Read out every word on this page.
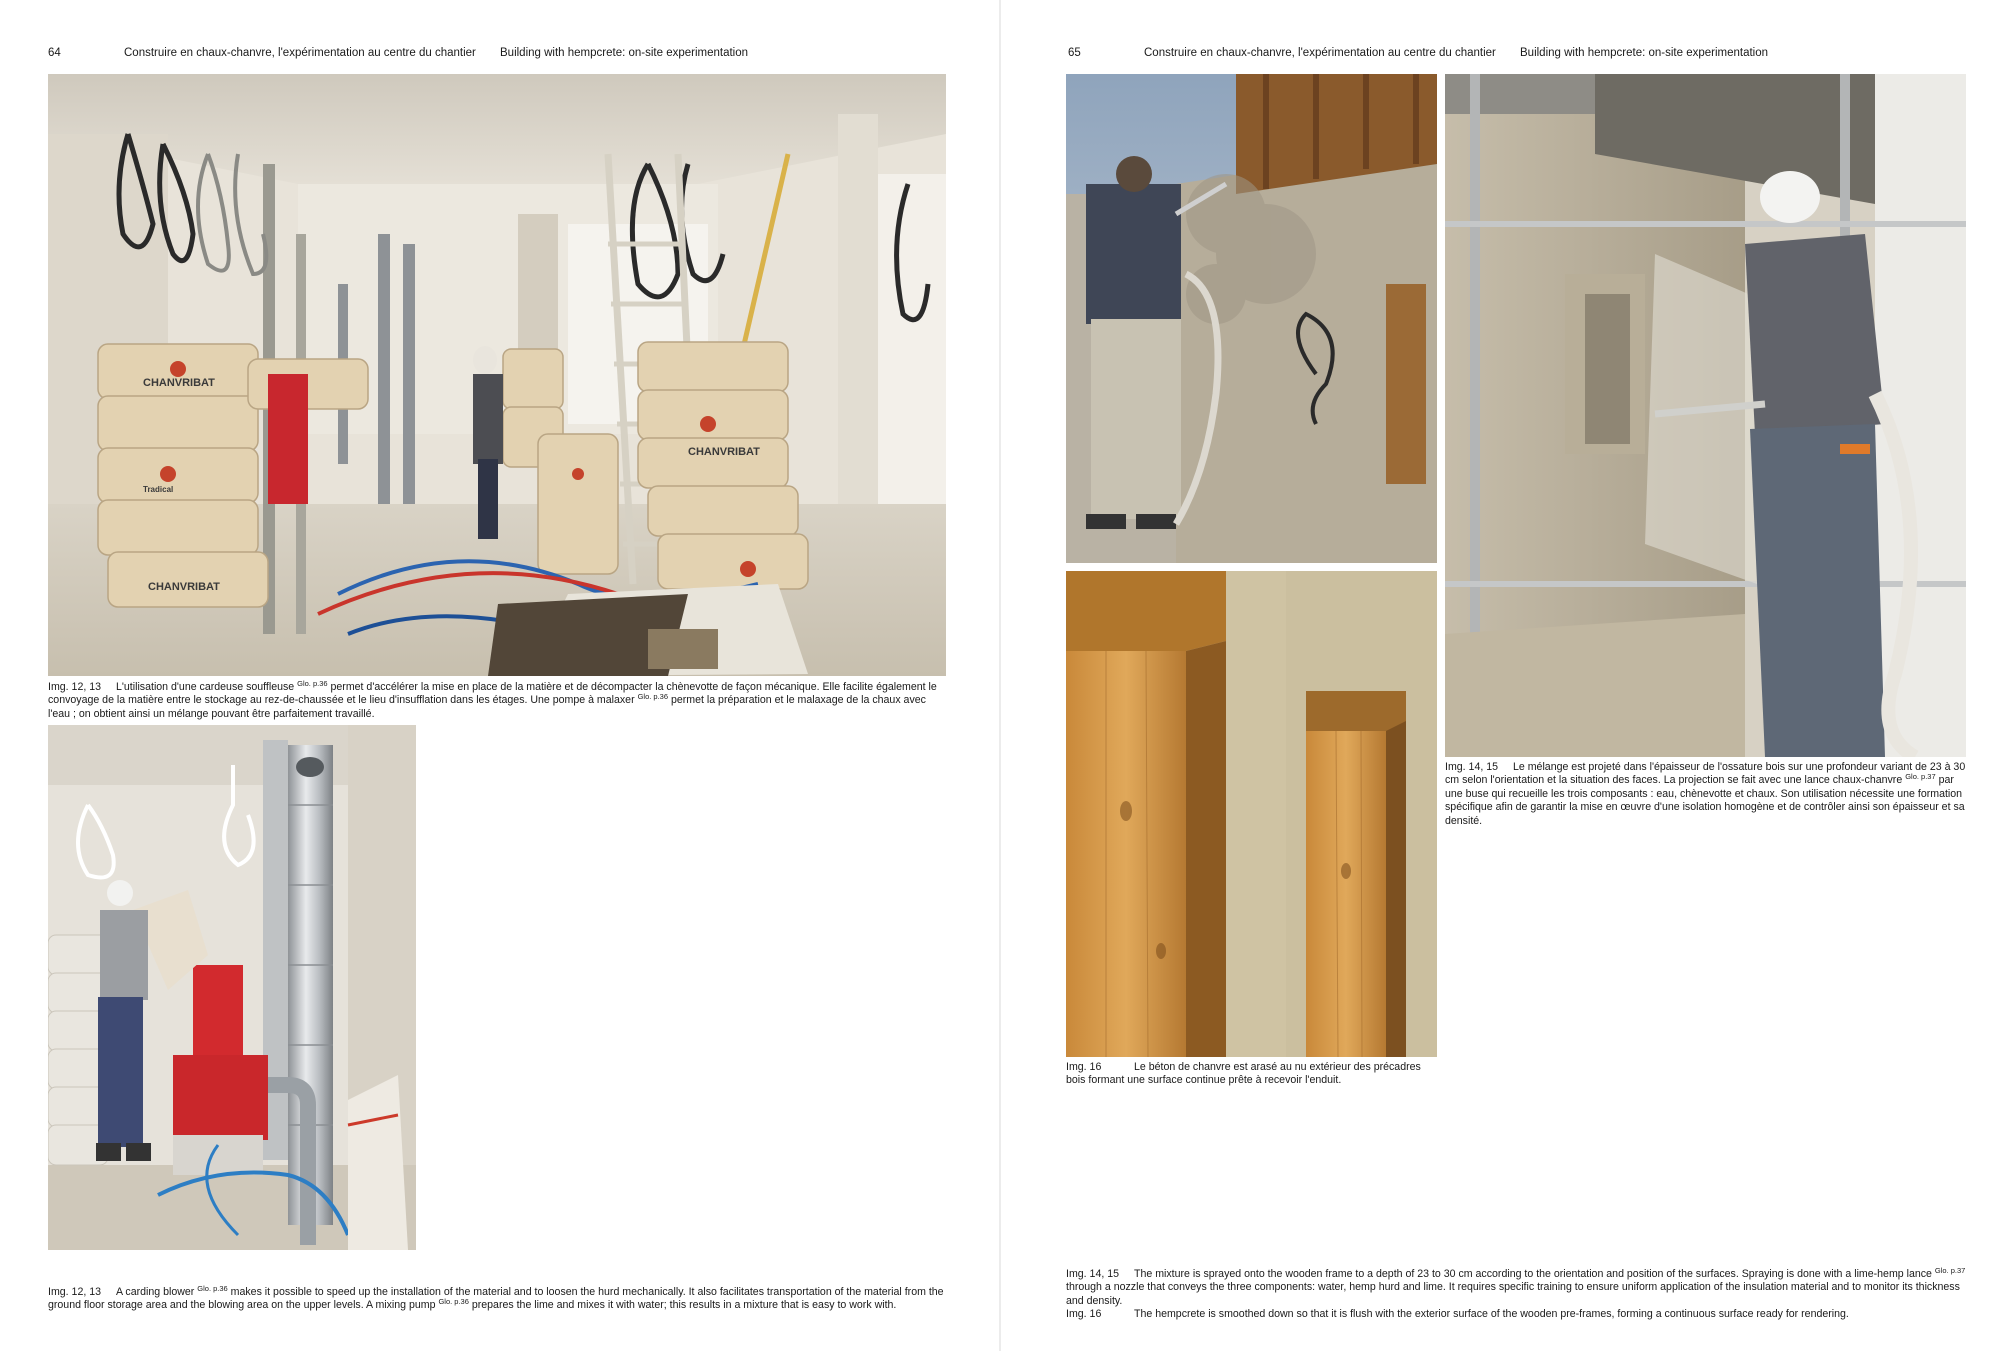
64	Construire en chaux-chanvre, l'expérimentation au centre du chantier Building with hempcrete: on-site experimentation	65	Construire en chaux-chanvre, l'expérimentation au centre du chantier Building with hempcrete: on-site experimentation
CHANVRIBAT
CHANVRIBAT
CHANVRIBAT
Tradical
Img. 12, 13 L'utilisation d'une cardeuse souffleuse $^{Glo. p.36}$ permet d'accélérer la mise en place de la matière et de décompacter la chènevotte de façon mécanique. Elle facilite également le convoyage de la matière entre le stockage au rez-de-chaussée et le lieu d'insufflation dans les étages. Une pompe à malaxer $^{Glo. p.36}$ permet la préparation et le malaxage de la chaux avec l'eau ; on obtient ainsi un mélange pouvant être parfaitement travaillé.
Img. 12, 13 A carding blower $^{Glo. p.36}$ makes it possible to speed up the installation of the material and to loosen the hurd mechanically. It also facilitates transportation of the material from the ground floor storage area and the blowing area on the upper levels. A mixing pump $^{Glo. p.36}$ prepares the lime and mixes it with water; this results in a mixture that is easy to work with.
Img. 16	Le béton de chanvre est arasé au nu extérieur des précadres bois formant une surface continue prête à recevoir l'enduit.
Img. 14, 15 Le mélange est projeté dans l'épaisseur de l'ossature bois sur une profondeur variant de 23 à 30 cm selon l'orientation et la situation des faces. La projection se fait avec une lance chaux-chanvre $^{Glo. p.37}$ par une buse qui recueille les trois composants : eau, chènevotte et chaux. Son utilisation nécessite une formation spécifique afin de garantir la mise en œuvre d'une isolation homogène et de contrôler ainsi son épaisseur et sa densité.
Img. 14, 15 The mixture is sprayed onto the wooden frame to a depth of 23 to 30 cm according to the orientation and position of the surfaces. Spraying is done with a lime-hemp lance $^{Glo. p.37}$ through a nozzle that conveys the three components: water, hemp hurd and lime. It requires specific training to ensure uniform application of the insulation material and to monitor its thickness and density.
Img. 16	The hempcrete is smoothed down so that it is flush with the exterior surface of the wooden pre-frames, forming a continuous surface ready for rendering.
